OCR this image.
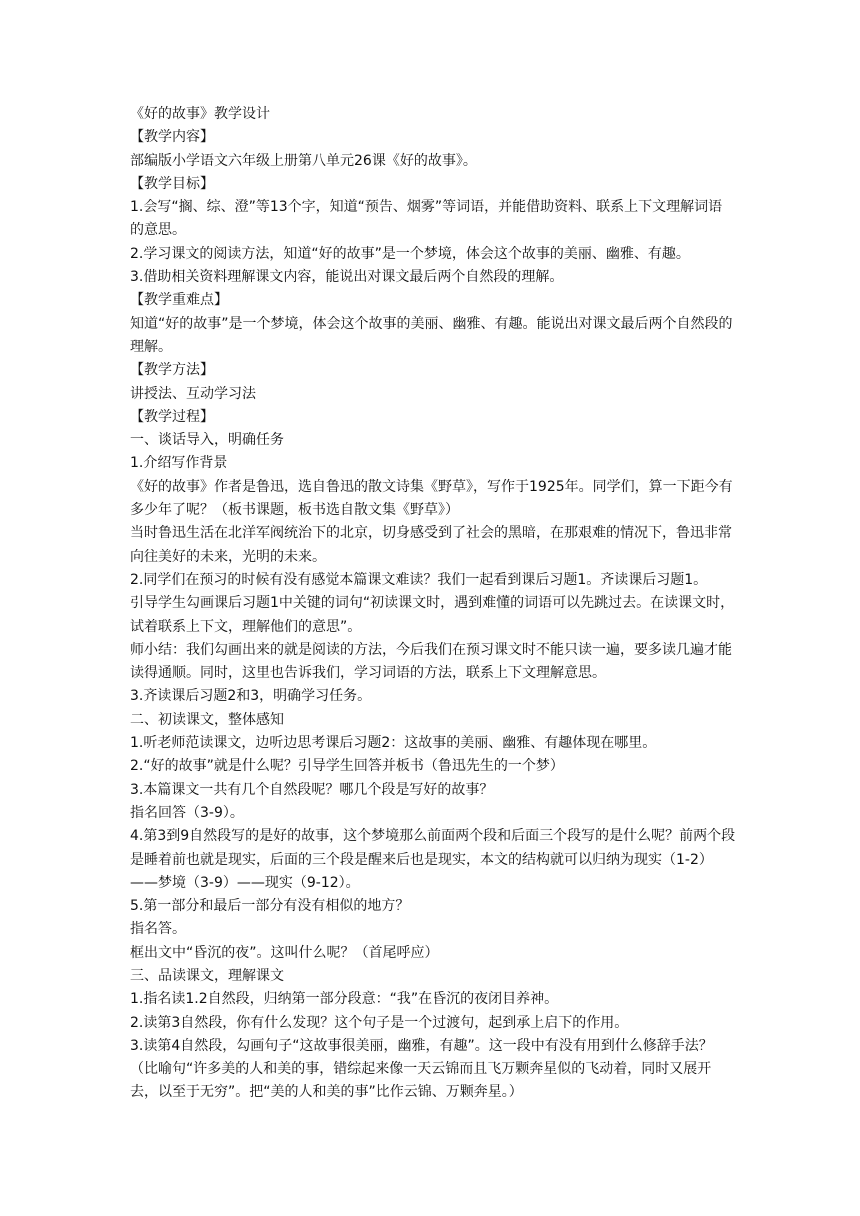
《好的故事》教学设计

【教学内容】

部编版小学语文六年级上册第八单元26课《好的故事》。

【教学目标】

1.会写“搁、综、澄”等13个字，知道“预告、烟雾”等词语，并能借助资料、联系上下文理解词语的意思。

2.学习课文的阅读方法，知道“好的故事”是一个梦境，体会这个故事的美丽、幽雅、有趣。

3.借助相关资料理解课文内容，能说出对课文最后两个自然段的理解。

【教学重难点】

知道“好的故事”是一个梦境，体会这个故事的美丽、幽雅、有趣。能说出对课文最后两个自然段的理解。

【教学方法】

讲授法、互动学习法

【教学过程】

一、谈话导入，明确任务

1.介绍写作背景

《好的故事》作者是鲁迅，选自鲁迅的散文诗集《野草》，写作于1925年。同学们，算一下距今有多少年了呢？（板书课题，板书选自散文集《野草》）

当时鲁迅生活在北洋军阀统治下的北京，切身感受到了社会的黑暗，在那艰难的情况下，鲁迅非常向往美好的未来，光明的未来。

2.同学们在预习的时候有没有感觉本篇课文难读？我们一起看到课后习题1。齐读课后习题1。

引导学生勾画课后习题1中关键的词句“初读课文时，遇到难懂的词语可以先跳过去。在读课文时，试着联系上下文，理解他们的意思”。

师小结：我们勾画出来的就是阅读的方法，今后我们在预习课文时不能只读一遍，要多读几遍才能读得通顺。同时，这里也告诉我们，学习词语的方法，联系上下文理解意思。

3.齐读课后习题2和3，明确学习任务。

二、初读课文，整体感知

1.听老师范读课文，边听边思考课后习题2：这故事的美丽、幽雅、有趣体现在哪里。

2.“好的故事”就是什么呢？引导学生回答并板书（鲁迅先生的一个梦）

3.本篇课文一共有几个自然段呢？哪几个段是写好的故事？

指名回答（3-9）。

4.第3到9自然段写的是好的故事，这个梦境那么前面两个段和后面三个段写的是什么呢？前两个段是睡着前也就是现实，后面的三个段是醒来后也是现实，本文的结构就可以归纳为现实（1-2）——梦境（3-9）——现实（9-12）。

5.第一部分和最后一部分有没有相似的地方？

指名答。

框出文中“昏沉的夜”。这叫什么呢？（首尾呼应）

三、品读课文，理解课文

1.指名读1.2自然段，归纳第一部分段意：“我”在昏沉的夜闭目养神。

2.读第3自然段，你有什么发现？这个句子是一个过渡句，起到承上启下的作用。

3.读第4自然段，勾画句子“这故事很美丽，幽雅，有趣”。这一段中有没有用到什么修辞手法？（比喻句“许多美的人和美的事，错综起来像一天云锦而且飞万颗奔星似的飞动着，同时又展开去，以至于无穷”。把“美的人和美的事”比作云锦、万颗奔星。）
